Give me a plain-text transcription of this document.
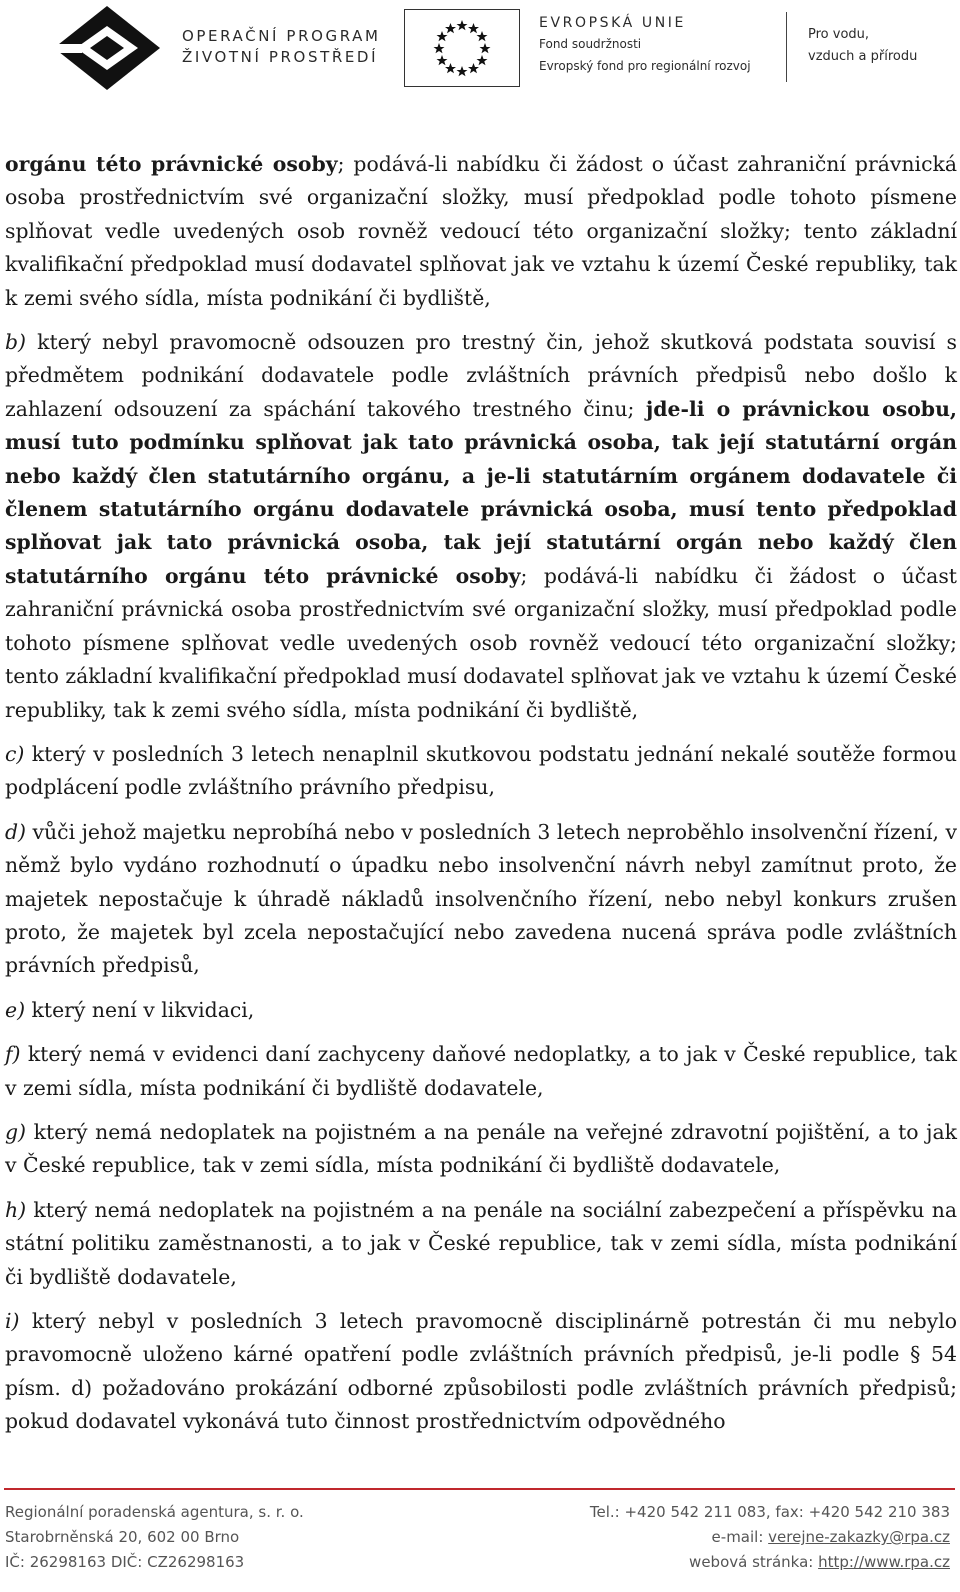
OPERAČNÍ PROGRAM
ŽIVOTNÍ PROSTŘEDÍ
EVROPSKÁ UNIE
Fond soudržnosti
Evropský fond pro regionální rozvoj
Pro vodu,
vzduch a přírodu

orgánu této právnické osoby; podává-li nabídku či žádost o účast zahraniční právnická osoba prostřednictvím své organizační složky, musí předpoklad podle tohoto písmene splňovat vedle uvedených osob rovněž vedoucí této organizační složky; tento základní kvalifikační předpoklad musí dodavatel splňovat jak ve vztahu k území České republiky, tak k zemi svého sídla, místa podnikání či bydliště,

b) který nebyl pravomocně odsouzen pro trestný čin, jehož skutková podstata souvisí s předmětem podnikání dodavatele podle zvláštních právních předpisů nebo došlo k zahlazení odsouzení za spáchání takového trestného činu; jde-li o právnickou osobu, musí tuto podmínku splňovat jak tato právnická osoba, tak její statutární orgán nebo každý člen statutárního orgánu, a je-li statutárním orgánem dodavatele či členem statutárního orgánu dodavatele právnická osoba, musí tento předpoklad splňovat jak tato právnická osoba, tak její statutární orgán nebo každý člen statutárního orgánu této právnické osoby; podává-li nabídku či žádost o účast zahraniční právnická osoba prostřednictvím své organizační složky, musí předpoklad podle tohoto písmene splňovat vedle uvedených osob rovněž vedoucí této organizační složky; tento základní kvalifikační předpoklad musí dodavatel splňovat jak ve vztahu k území České republiky, tak k zemi svého sídla, místa podnikání či bydliště,

c) který v posledních 3 letech nenaplnil skutkovou podstatu jednání nekalé soutěže formou podplácení podle zvláštního právního předpisu,

d) vůči jehož majetku neprobíhá nebo v posledních 3 letech neproběhlo insolvenční řízení, v němž bylo vydáno rozhodnutí o úpadku nebo insolvenční návrh nebyl zamítnut proto, že majetek nepostačuje k úhradě nákladů insolvenčního řízení, nebo nebyl konkurs zrušen proto, že majetek byl zcela nepostačující nebo zavedena nucená správa podle zvláštních právních předpisů,

e) který není v likvidaci,

f) který nemá v evidenci daní zachyceny daňové nedoplatky, a to jak v České republice, tak v zemi sídla, místa podnikání či bydliště dodavatele,

g) který nemá nedoplatek na pojistném a na penále na veřejné zdravotní pojištění, a to jak v České republice, tak v zemi sídla, místa podnikání či bydliště dodavatele,

h) který nemá nedoplatek na pojistném a na penále na sociální zabezpečení a příspěvku na státní politiku zaměstnanosti, a to jak v České republice, tak v zemi sídla, místa podnikání či bydliště dodavatele,

i) který nebyl v posledních 3 letech pravomocně disciplinárně potrestán či mu nebylo pravomocně uloženo kárné opatření podle zvláštních právních předpisů, je-li podle § 54 písm. d) požadováno prokázání odborné způsobilosti podle zvláštních právních předpisů; pokud dodavatel vykonává tuto činnost prostřednictvím odpovědného

Regionální poradenská agentura, s. r. o.
Starobrněnská 20, 602 00 Brno
IČ: 26298163 DIČ: CZ26298163
Tel.: +420 542 211 083, fax: +420 542 210 383
e-mail: verejne-zakazky@rpa.cz
webová stránka: http://www.rpa.cz
